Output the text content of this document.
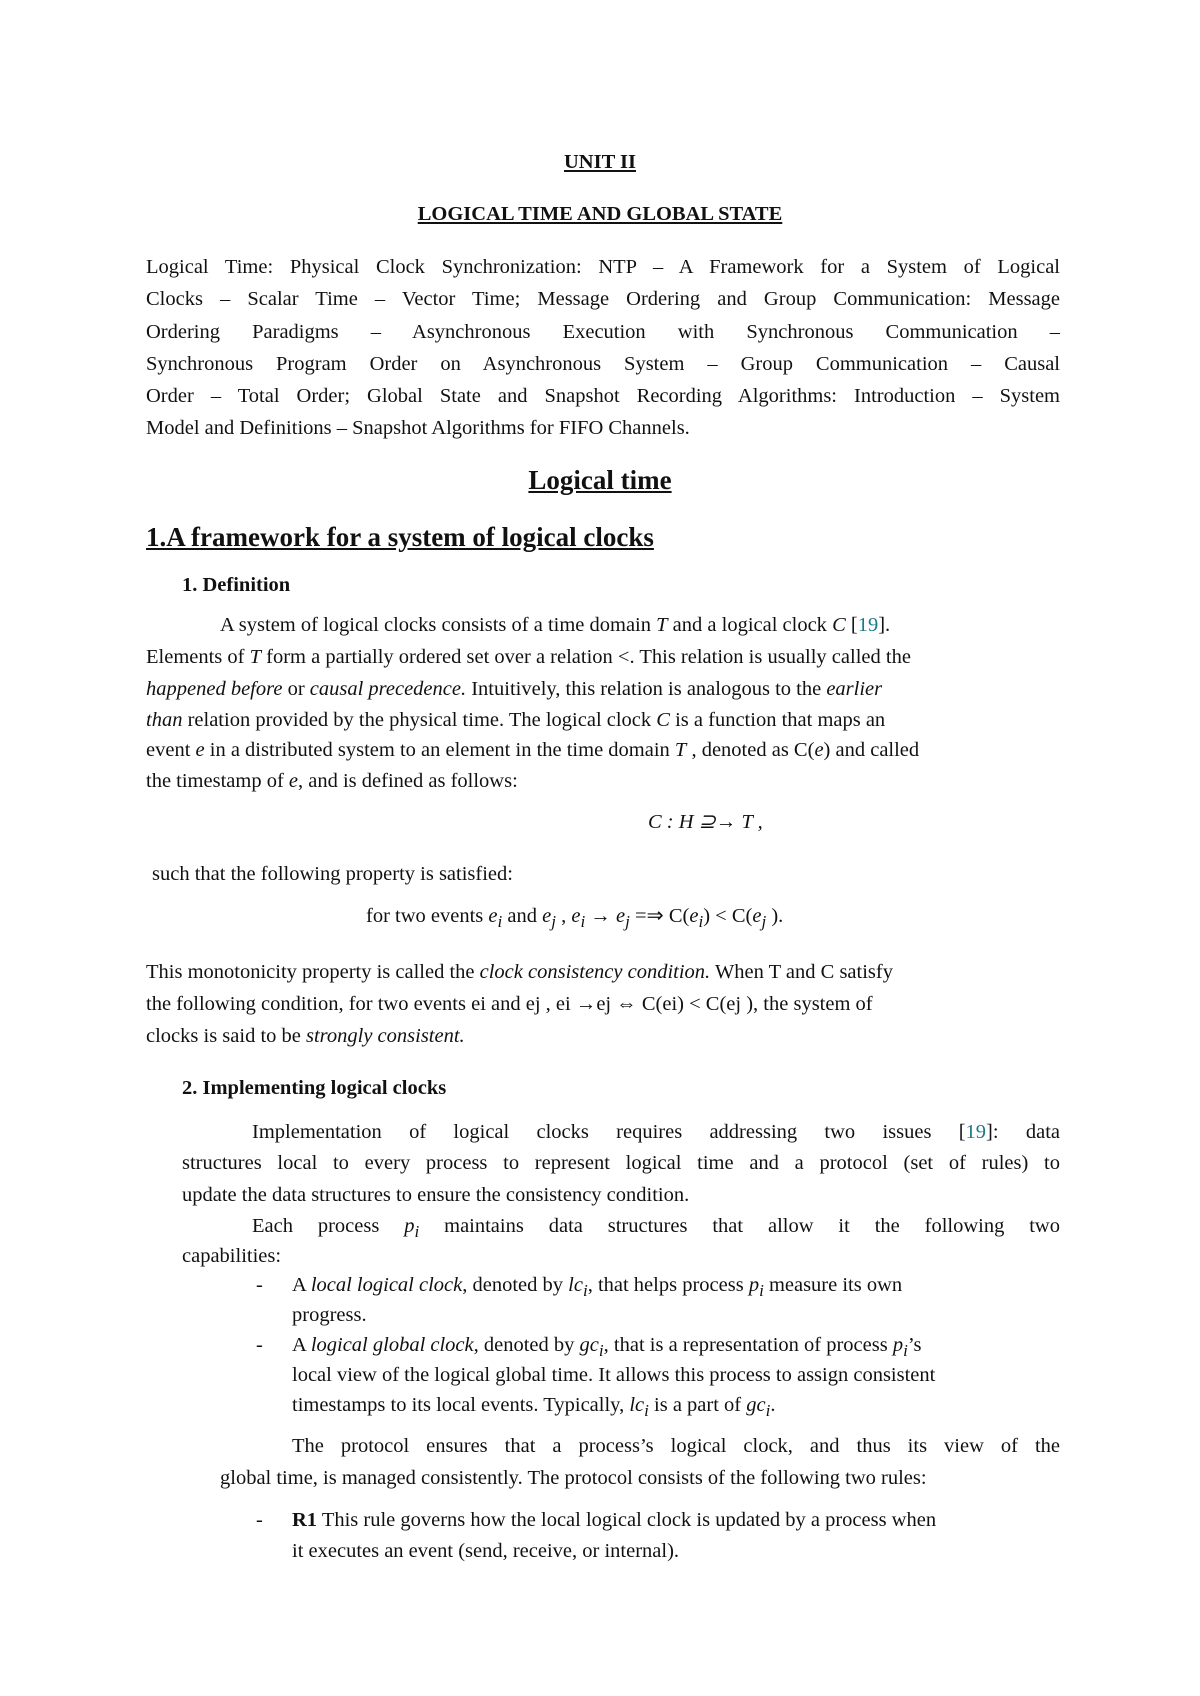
UNIT II
LOGICAL TIME AND GLOBAL STATE
Logical Time: Physical Clock Synchronization: NTP – A Framework for a System of Logical
Clocks – Scalar Time – Vector Time; Message Ordering and Group Communication: Message
Ordering Paradigms – Asynchronous Execution with Synchronous Communication –
Synchronous Program Order on Asynchronous System – Group Communication – Causal
Order – Total Order; Global State and Snapshot Recording Algorithms: Introduction – System
Model and Definitions – Snapshot Algorithms for FIFO Channels.
Logical time
1.A framework for a system of logical clocks
1. Definition
A system of logical clocks consists of a time domain T and a logical clock C [19].
Elements of T form a partially ordered set over a relation <. This relation is usually called the
happened before or causal precedence. Intuitively, this relation is analogous to the earlier
than relation provided by the physical time. The logical clock C is a function that maps an
event e in a distributed system to an element in the time domain T , denoted as C(e) and called
the timestamp of e, and is defined as follows:
C : H ⊇→ T ,
such that the following property is satisfied:
for two events $e_i$ and $e_j$ , $e_i \to e_j$ =⇒ $C(e_i) < C(e_j$ ).
This monotonicity property is called the clock consistency condition. When T and C satisfy
the following condition, for two events ei and ej , ei →ej ⇔ C(ei) < C(ej ), the system of
clocks is said to be strongly consistent.
2. Implementing logical clocks
Implementation of logical clocks requires addressing two issues [19]: data
structures local to every process to represent logical time and a protocol (set of rules) to
update the data structures to ensure the consistency condition.
Each process $p_i$ maintains data structures that allow it the following two
capabilities:
- A local logical clock, denoted by $lc_i$, that helps process $p_i$ measure its own
progress.
- A logical global clock, denoted by $gc_i$, that is a representation of process $p_i’s$
local view of the logical global time. It allows this process to assign consistent
timestamps to its local events. Typically, $lc_i$ is a part of $gc_i$.
The protocol ensures that a process’s logical clock, and thus its view of the
global time, is managed consistently. The protocol consists of the following two rules:
- R1 This rule governs how the local logical clock is updated by a process when
it executes an event (send, receive, or internal).
